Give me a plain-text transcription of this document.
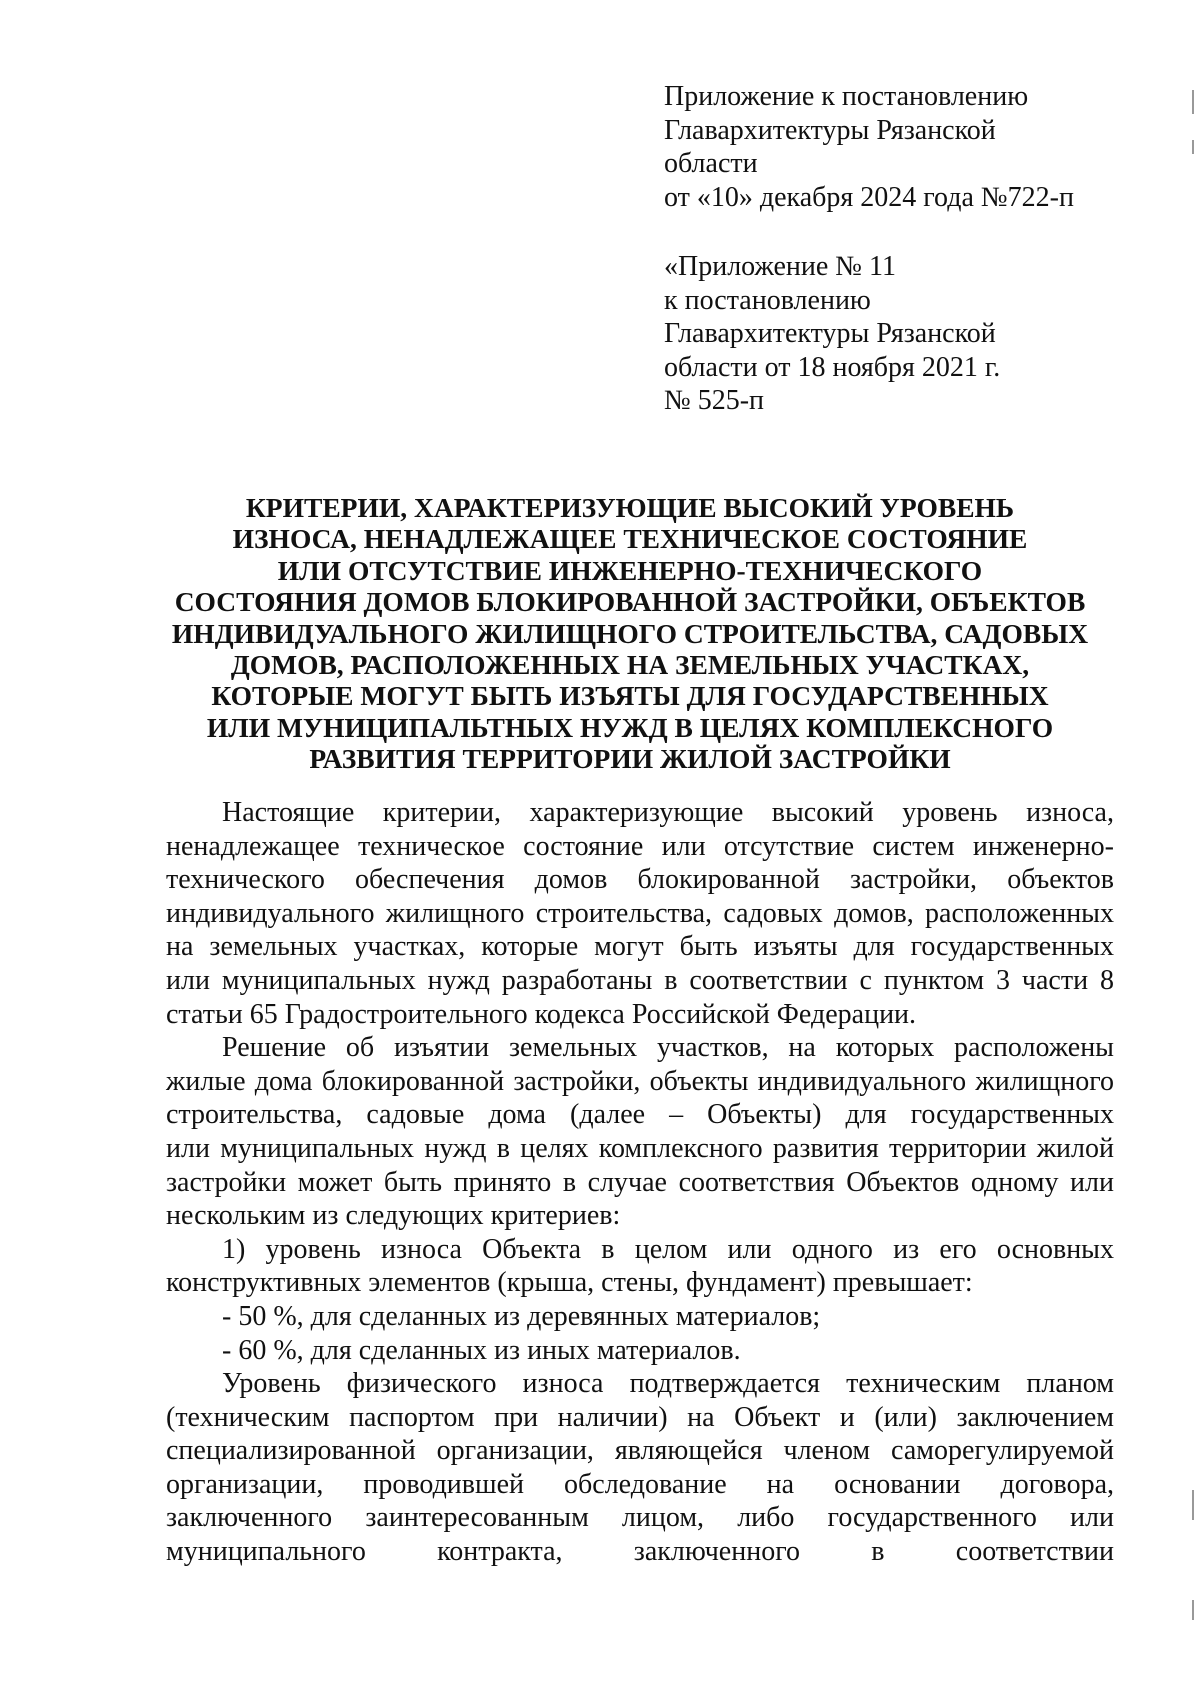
Приложение к постановлению
Главархитектуры Рязанской
области
от «10» декабря 2024 года №722-п
«Приложение № 11
к постановлению
Главархитектуры Рязанской
области от 18 ноября 2021 г.
№ 525-п
КРИТЕРИИ, ХАРАКТЕРИЗУЮЩИЕ ВЫСОКИЙ УРОВЕНЬ
ИЗНОСА, НЕНАДЛЕЖАЩЕЕ ТЕХНИЧЕСКОЕ СОСТОЯНИЕ
ИЛИ ОТСУТСТВИЕ ИНЖЕНЕРНО-ТЕХНИЧЕСКОГО
СОСТОЯНИЯ ДОМОВ БЛОКИРОВАННОЙ ЗАСТРОЙКИ, ОБЪЕКТОВ
ИНДИВИДУАЛЬНОГО ЖИЛИЩНОГО СТРОИТЕЛЬСТВА, САДОВЫХ
ДОМОВ, РАСПОЛОЖЕННЫХ НА ЗЕМЕЛЬНЫХ УЧАСТКАХ,
КОТОРЫЕ МОГУТ БЫТЬ ИЗЪЯТЫ ДЛЯ ГОСУДАРСТВЕННЫХ
ИЛИ МУНИЦИПАЛЬТНЫХ НУЖД В ЦЕЛЯХ КОМПЛЕКСНОГО
РАЗВИТИЯ ТЕРРИТОРИИ ЖИЛОЙ ЗАСТРОЙКИ
Настоящие критерии, характеризующие высокий уровень износа,
ненадлежащее техническое состояние или отсутствие систем инженерно-
технического обеспечения домов блокированной застройки, объектов
индивидуального жилищного строительства, садовых домов, расположенных
на земельных участках, которые могут быть изъяты для государственных
или муниципальных нужд разработаны в соответствии с пунктом 3 части 8
статьи 65 Градостроительного кодекса Российской Федерации.
Решение об изъятии земельных участков, на которых расположены
жилые дома блокированной застройки, объекты индивидуального жилищного
строительства, садовые дома (далее – Объекты) для государственных
или муниципальных нужд в целях комплексного развития территории жилой
застройки может быть принято в случае соответствия Объектов одному или
нескольким из следующих критериев:
1) уровень износа Объекта в целом или одного из его основных
конструктивных элементов (крыша, стены, фундамент) превышает:
- 50 %, для сделанных из деревянных материалов;
- 60 %, для сделанных из иных материалов.
Уровень физического износа подтверждается техническим планом
(техническим паспортом при наличии) на Объект и (или) заключением
специализированной организации, являющейся членом саморегулируемой
организации, проводившей обследование на основании договора,
заключенного заинтересованным лицом, либо государственного или
муниципального контракта, заключенного в соответствии
